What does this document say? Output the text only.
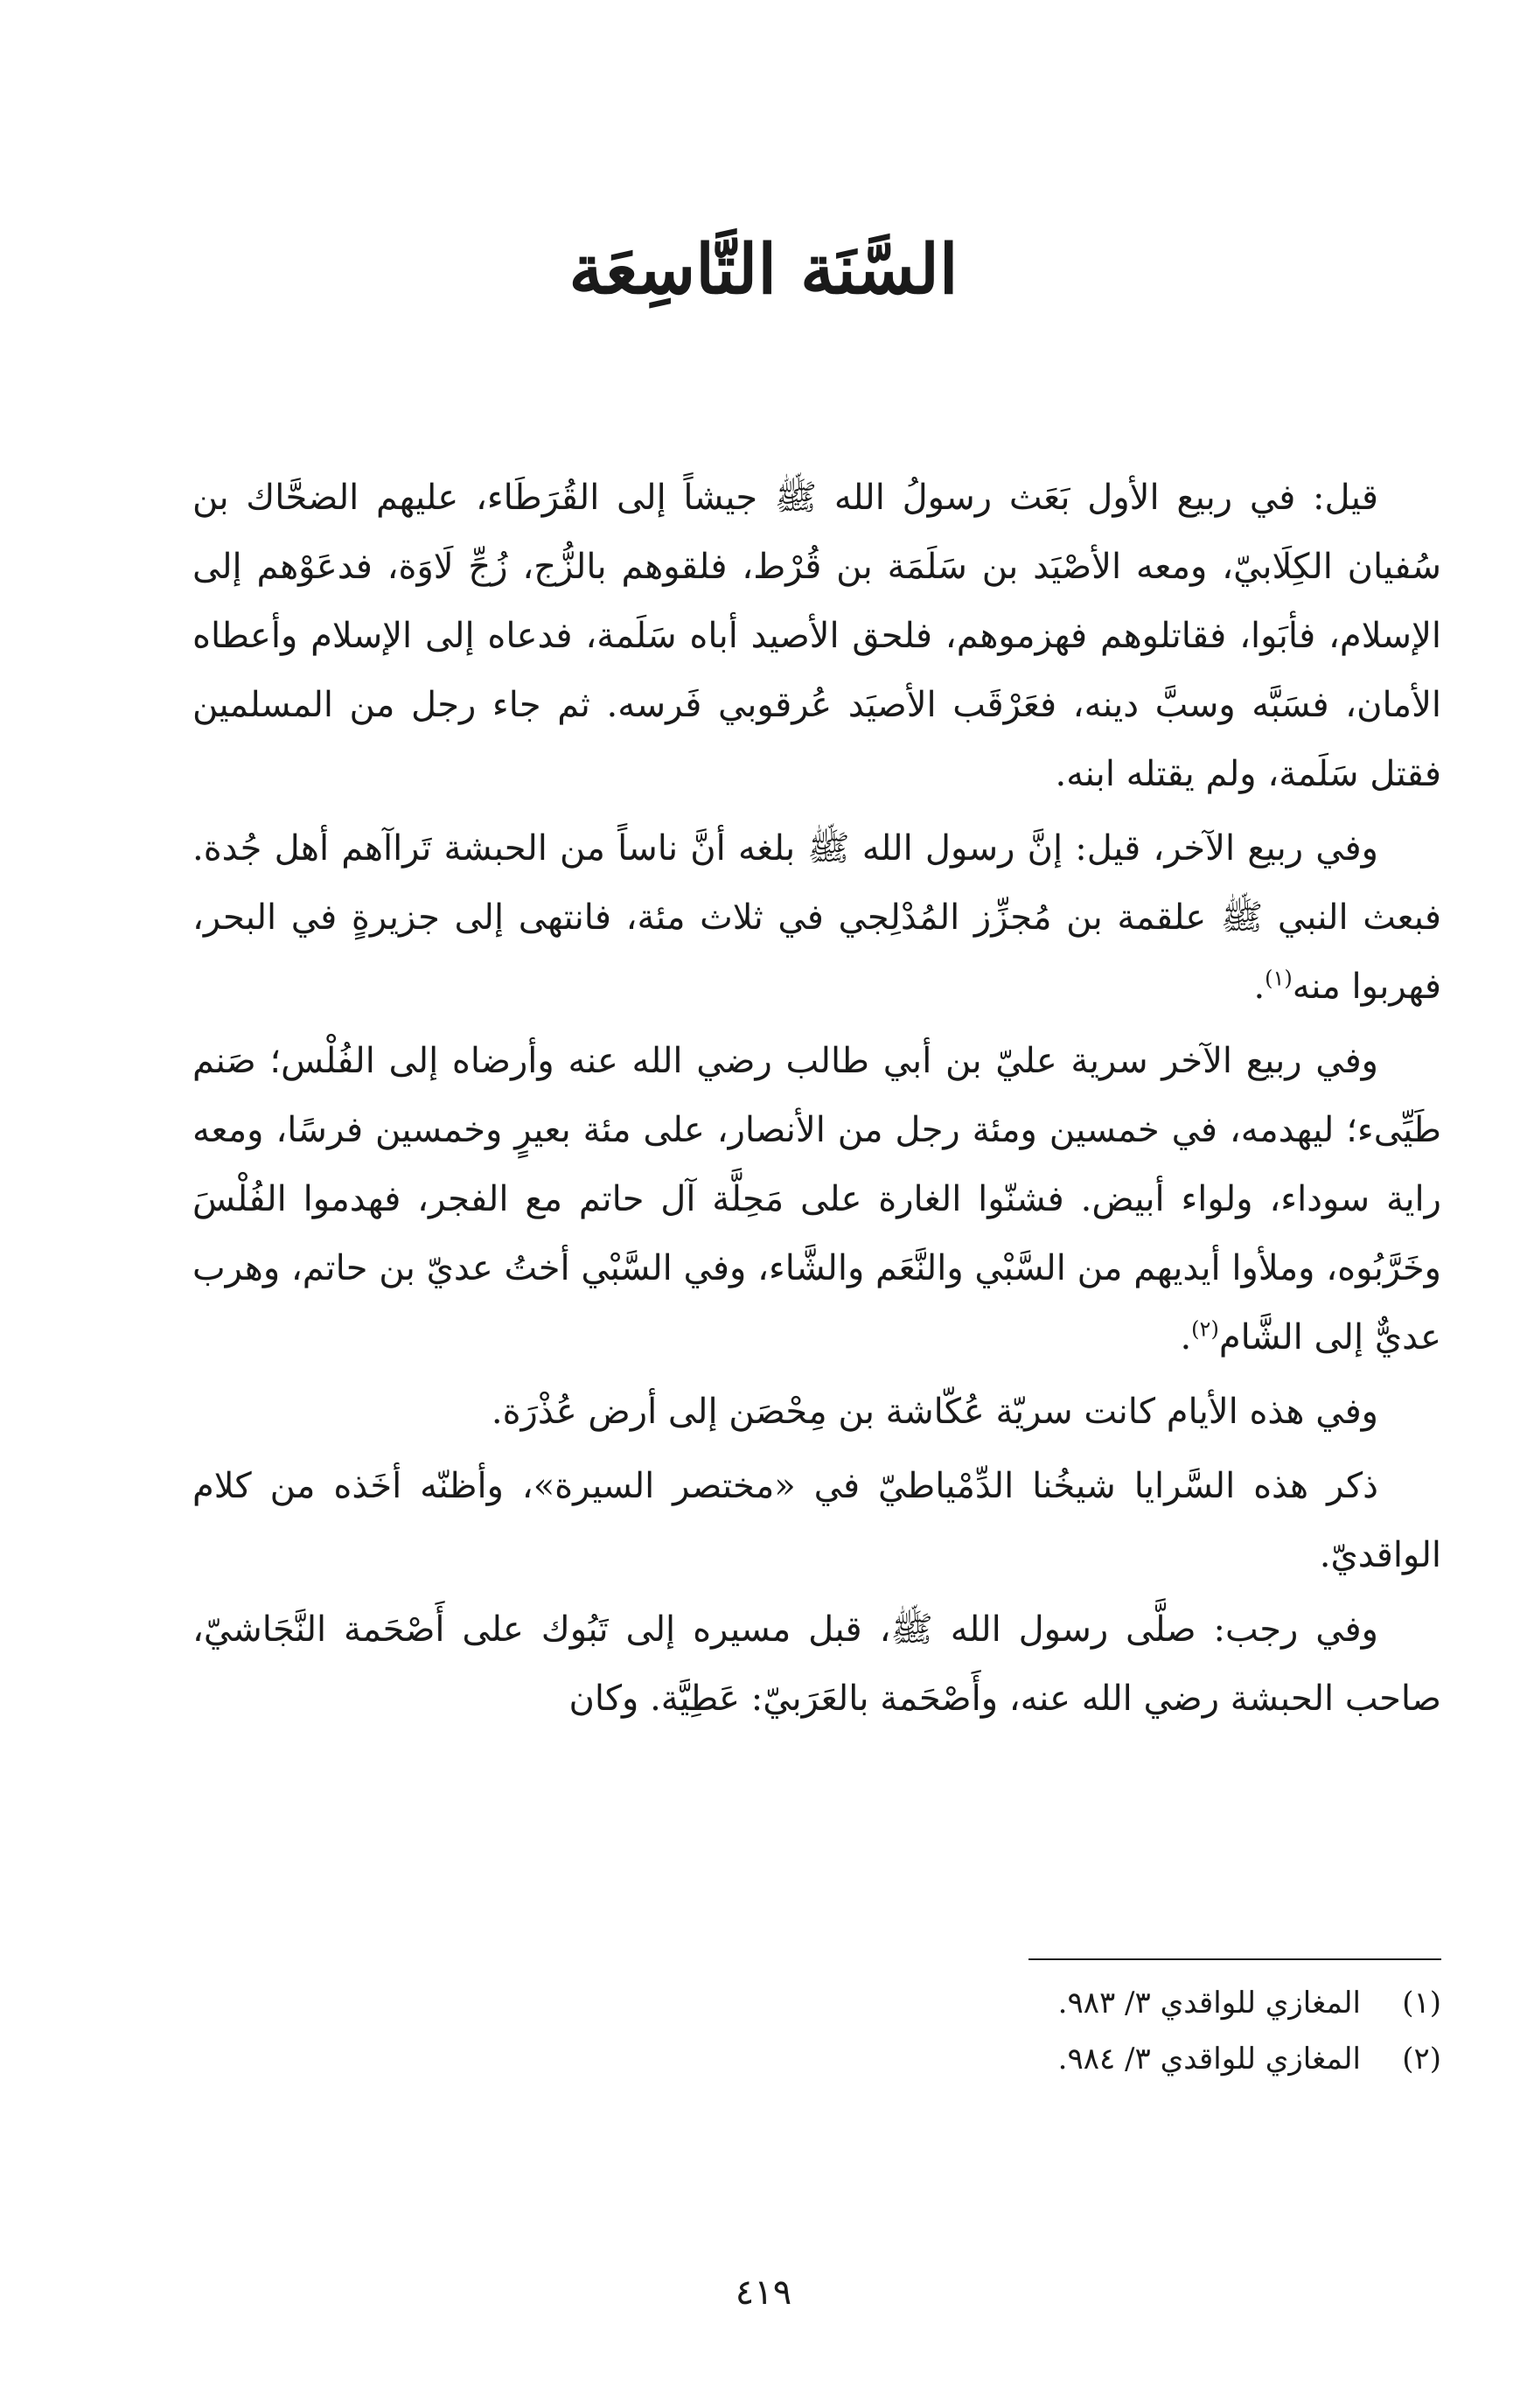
السَّنَة التَّاسِعَة

قيل: في ربيع الأول بَعَث رسولُ الله ﷺ جيشاً إلى القُرَطَاء، عليهم الضحَّاك بن سُفيان الكِلَابيّ، ومعه الأصْيَد بن سَلَمَة بن قُرْط، فلقوهم بالزُّج، زُجِّ لَاوَة، فدعَوْهم إلى الإسلام، فأبَوا، فقاتلوهم فهزموهم، فلحق الأصيد أباه سَلَمة، فدعاه إلى الإسلام وأعطاه الأمان، فسَبَّه وسبَّ دينه، فعَرْقَب الأصيَد عُرقوبي فَرسه. ثم جاء رجل من المسلمين فقتل سَلَمة، ولم يقتله ابنه.

وفي ربيع الآخر، قيل: إنَّ رسول الله ﷺ بلغه أنَّ ناساً من الحبشة تَراآهم أهل جُدة. فبعث النبي ﷺ علقمة بن مُجزِّز المُدْلِجي في ثلاث مئة، فانتهى إلى جزيرةٍ في البحر، فهربوا منه$^{(١)}$.

وفي ربيع الآخر سرية عليّ بن أبي طالب رضي الله عنه وأرضاه إلى الفُلْس؛ صَنم طَيِّىء؛ ليهدمه، في خمسين ومئة رجل من الأنصار، على مئة بعيرٍ وخمسين فرسًا، ومعه راية سوداء، ولواء أبيض. فشنّوا الغارة على مَحِلَّة آل حاتم مع الفجر، فهدموا الفُلْسَ وخَرَّبُوه، وملأوا أيديهم من السَّبْي والنَّعَم والشَّاء، وفي السَّبْي أختُ عديّ بن حاتم، وهرب عديٌّ إلى الشَّام$^{(٢)}$.

وفي هذه الأيام كانت سريّة عُكّاشة بن مِحْصَن إلى أرض عُذْرَة.

ذكر هذه السَّرايا شيخُنا الدِّمْياطيّ في «مختصر السيرة»، وأظنّه أخَذه من كلام الواقديّ.

وفي رجب: صلَّى رسول الله ﷺ، قبل مسيره إلى تَبُوك على أَصْحَمة النَّجَاشيّ، صاحب الحبشة رضي الله عنه، وأَصْحَمة بالعَرَبيّ: عَطِيَّة. وكان

(١)المغازي للواقدي ٣/ ٩٨٣.
(٢)المغازي للواقدي ٣/ ٩٨٤.

٤١٩
